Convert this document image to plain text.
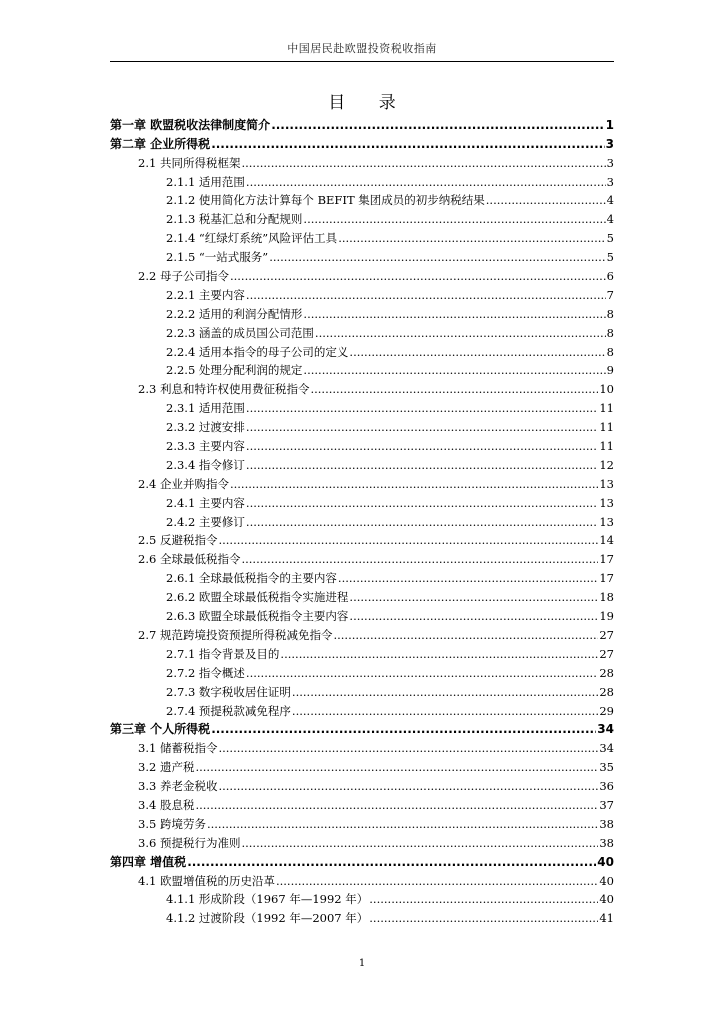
中国居民赴欧盟投资税收指南
目 录
第一章 欧盟税收法律制度简介 .....	1
第二章 企业所得税 .....	3
2.1 共同所得税框架 .....	3
2.1.1 适用范围 .....	3
2.1.2 使用简化方法计算每个 BEFIT 集团成员的初步纳税结果 .....	4
2.1.3 税基汇总和分配规则 .....	4
2.1.4 “红绿灯系统”风险评估工具 .....	5
2.1.5 “一站式服务” .....	5
2.2 母子公司指令 .....	6
2.2.1 主要内容 .....	7
2.2.2 适用的利润分配情形 .....	8
2.2.3 涵盖的成员国公司范围 .....	8
2.2.4 适用本指令的母子公司的定义 .....	8
2.2.5 处理分配利润的规定 .....	9
2.3 利息和特许权使用费征税指令 .....	10
2.3.1 适用范围 .....	11
2.3.2 过渡安排 .....	11
2.3.3 主要内容 .....	11
2.3.4 指令修订 .....	12
2.4 企业并购指令 .....	13
2.4.1 主要内容 .....	13
2.4.2 主要修订 .....	13
2.5 反避税指令 .....	14
2.6 全球最低税指令 .....	17
2.6.1 全球最低税指令的主要内容 .....	17
2.6.2 欧盟全球最低税指令实施进程 .....	18
2.6.3 欧盟全球最低税指令主要内容 .....	19
2.7 规范跨境投资预提所得税减免指令 .....	27
2.7.1 指令背景及目的 .....	27
2.7.2 指令概述 .....	28
2.7.3 数字税收居住证明 .....	28
2.7.4 预提税款减免程序 .....	29
第三章 个人所得税 .....	34
3.1 储蓄税指令 .....	34
3.2 遗产税 .....	35
3.3 养老金税收 .....	36
3.4 股息税 .....	37
3.5 跨境劳务 .....	38
3.6 预提税行为准则 .....	38
第四章 增值税 .....	40
4.1 欧盟增值税的历史沿革 .....	40
4.1.1 形成阶段（1967 年—1992 年） .....	40
4.1.2 过渡阶段（1992 年—2007 年） .....	41
1
